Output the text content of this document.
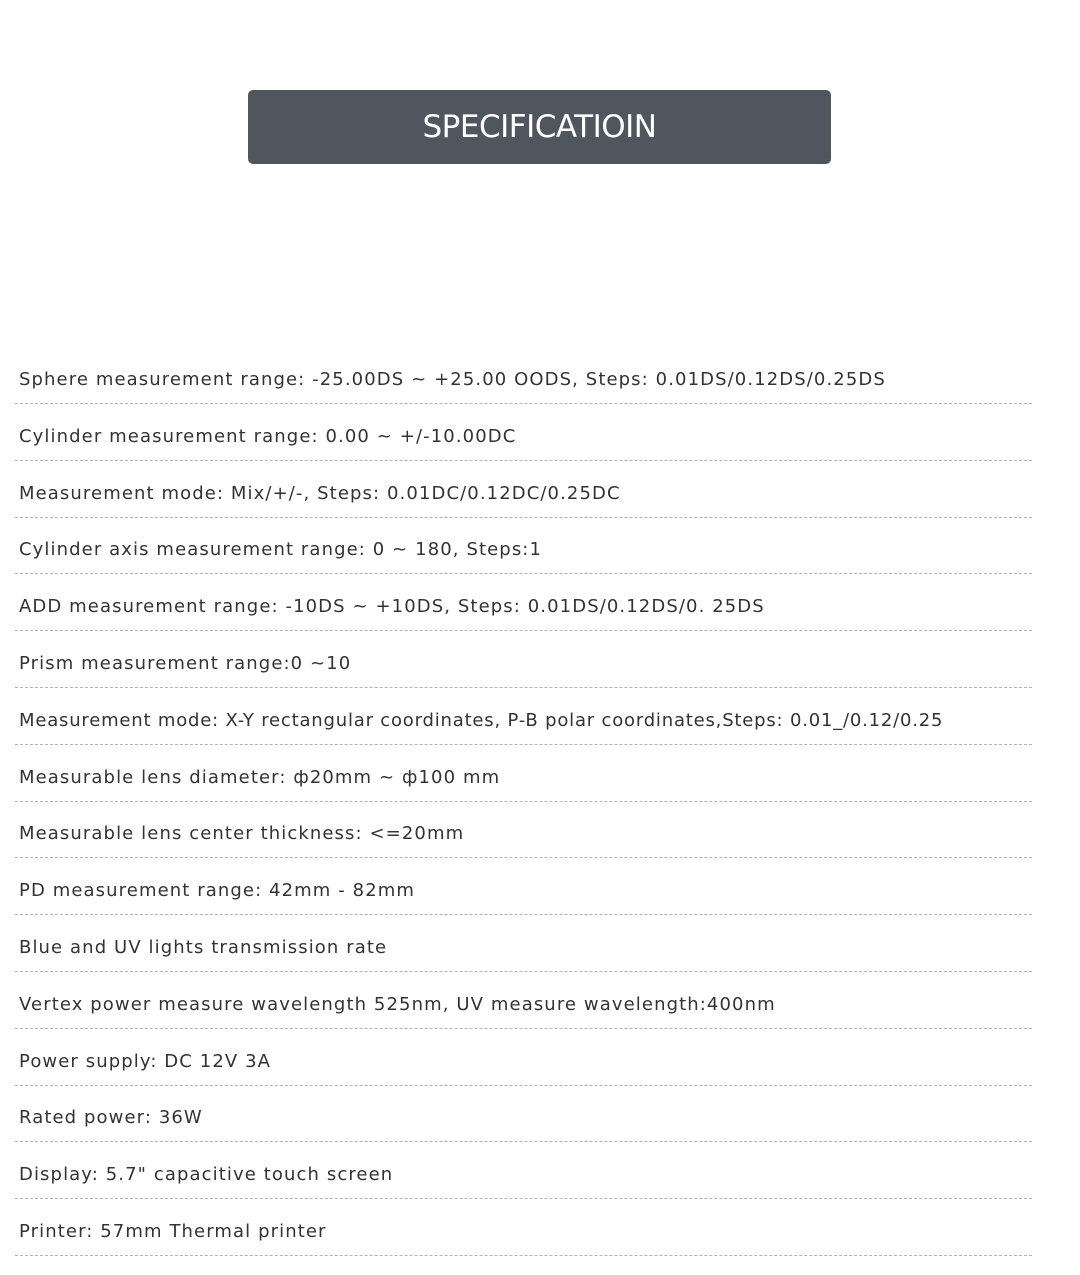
SPECIFICATIOIN
Sphere measurement range: -25.00DS ~ +25.00 OODS, Steps: 0.01DS/0.12DS/0.25DS
Cylinder measurement range: 0.00 ~ +/-10.00DC
Measurement mode: Mix/+/-, Steps: 0.01DC/0.12DC/0.25DC
Cylinder axis measurement range: 0 ~ 180, Steps:1
ADD measurement range: -10DS ~ +10DS, Steps: 0.01DS/0.12DS/0. 25DS
Prism measurement range:0 ~10
Measurement mode: X-Y rectangular coordinates, P-B polar coordinates,Steps: 0.01_/0.12/0.25
Measurable lens diameter: ф20mm ~ ф100 mm
Measurable lens center thickness: <=20mm
PD measurement range: 42mm - 82mm
Blue and UV lights transmission rate
Vertex power measure wavelength 525nm, UV measure wavelength:400nm
Power supply: DC 12V 3A
Rated power: 36W
Display: 5.7" capacitive touch screen
Printer: 57mm Thermal printer
